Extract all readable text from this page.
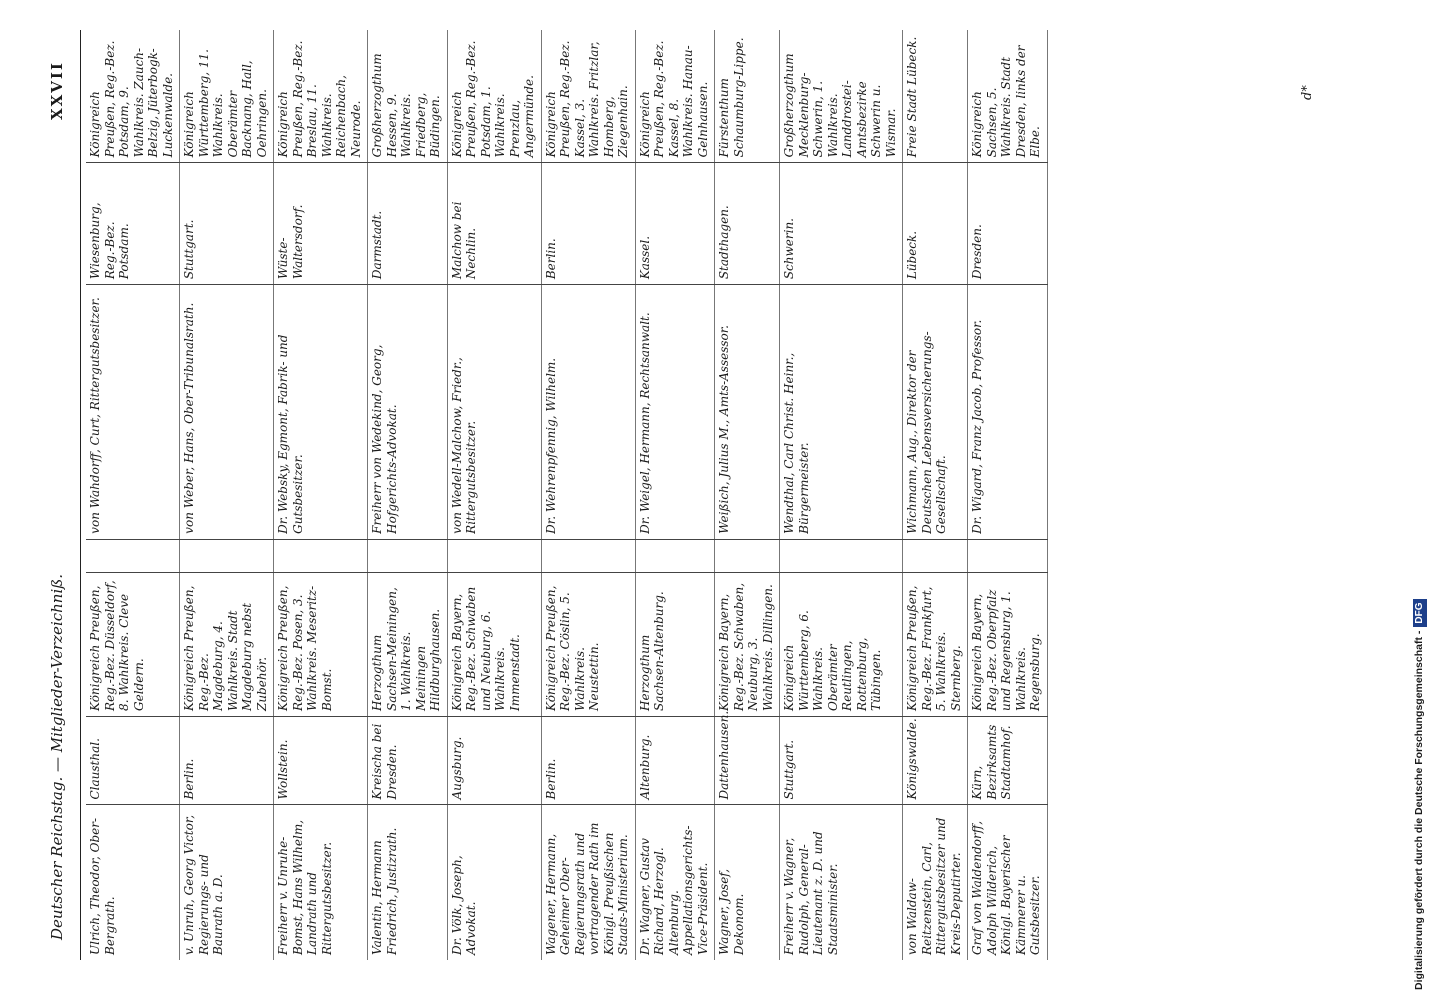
Deutscher Reichstag. — Mitglieder-Verzeichniß.
XXVII
Ulrich, Theodor, Ober-Bergrath.	Clausthal.	Königreich Preußen, Reg.-Bez. Düsseldorf, 8. Wahlkreis. Cleve Geldern.		von Wahdorff, Curt, Rittergutsbesitzer.	Wiesenburg, Reg.-Bez. Potsdam.	Königreich Preußen, Reg.-Bez. Potsdam, 9. Wahlkreis. Zauch-Belzig, Jüterbogk-Luckenwalde.
v. Unruh, Georg Victor, Regierungs- und Baurath a. D.	Berlin.	Königreich Preußen, Reg.-Bez. Magdeburg, 4. Wahlkreis. Stadt Magdeburg nebst Zubehör.		von Weber, Hans, Ober-Tribunalsrath.	Stuttgart.	Königreich Württemberg, 11. Wahlkreis. Oberämter Backnang, Hall, Oehringen.
Freiherr v. Unruhe-Bomst, Hans Wilhelm, Landrath und Rittergutsbesitzer.	Wollstein.	Königreich Preußen, Reg.-Bez. Posen, 3. Wahlkreis. Meseritz-Bomst.		Dr. Websky, Egmont, Fabrik- und Gutsbesitzer.	Wüste-Waltersdorf.	Königreich Preußen, Reg.-Bez. Breslau, 11. Wahlkreis. Reichenbach, Neurode.
Valentin, Hermann Friedrich, Justizrath.	Kreischa bei Dresden.	Herzogthum Sachsen-Meiningen, 1. Wahlkreis. Meiningen Hildburghausen.		Freiherr von Wedekind, Georg, Hofgerichts-Advokat.	Darmstadt.	Großherzogthum Hessen, 9. Wahlkreis. Friedberg, Büdingen.
Dr. Völk, Joseph, Advokat.	Augsburg.	Königreich Bayern, Reg.-Bez. Schwaben und Neuburg, 6. Wahlkreis. Immenstadt.		von Wedell-Malchow, Friedr., Rittergutsbesitzer.	Malchow bei Nechlin.	Königreich Preußen, Reg.-Bez. Potsdam, 1. Wahlkreis. Prenzlau, Angermünde.
Wagener, Hermann, Geheimer Ober-Regierungsrath und vortragender Rath im Königl. Preußischen Staats-Ministerium.	Berlin.	Königreich Preußen, Reg.-Bez. Cöslin, 5. Wahlkreis. Neustettin.		Dr. Wehrenpfennig, Wilhelm.	Berlin.	Königreich Preußen, Reg.-Bez. Kassel, 3. Wahlkreis. Fritzlar, Homberg, Ziegenhain.
Dr. Wagner, Gustav Richard, Herzogl. Altenburg. Appellationsgerichts-Vice-Präsident.	Altenburg.	Herzogthum Sachsen-Altenburg.		Dr. Weigel, Hermann, Rechtsanwalt.	Kassel.	Königreich Preußen, Reg.-Bez. Kassel, 8. Wahlkreis. Hanau-Gelnhausen.
Wagner, Josef, Dekonom.	Dattenhausen.	Königreich Bayern, Reg.-Bez. Schwaben, Neuburg, 3. Wahlkreis. Dillingen.		Weißich, Julius M., Amts-Assessor.	Stadthagen.	Fürstenthum Schaumburg-Lippe.
Freiherr v. Wagner, Rudolph, General-Lieutenant z. D. und Staatsminister.	Stuttgart.	Königreich Württemberg, 6. Wahlkreis. Oberämter Reutlingen, Rottenburg, Tübingen.		Wendthal, Carl Christ. Heinr., Bürgermeister.	Schwerin.	Großherzogthum Mecklenburg-Schwerin, 1. Wahlkreis. Landdrostei-Amtsbezirke Schwerin u. Wismar.
von Waldaw-Reitzenstein, Carl, Rittergutsbesitzer und Kreis-Deputirter.	Königswalde.	Königreich Preußen, Reg.-Bez. Frankfurt, 5. Wahlkreis. Sternberg.		Wichmann, Aug., Direktor der Deutschen Lebensversicherungs-Gesellschaft.	Lübeck.	Freie Stadt Lübeck.
Graf von Waldendorff, Adolph Wilderich, Königl. Bayerischer Kämmerer u. Gutsbesitzer.	Kürn, Bezirksamts Stadtamhof.	Königreich Bayern, Reg.-Bez. Oberpfalz und Regensburg, 1. Wahlkreis. Regensburg.		Dr. Wigard, Franz Jacob, Professor.	Dresden.	Königreich Sachsen, 5. Wahlkreis. Stadt Dresden, links der Elbe.
d*
Digitalisierung gefördert durch die Deutsche Forschungsgemeinschaft -DFG
